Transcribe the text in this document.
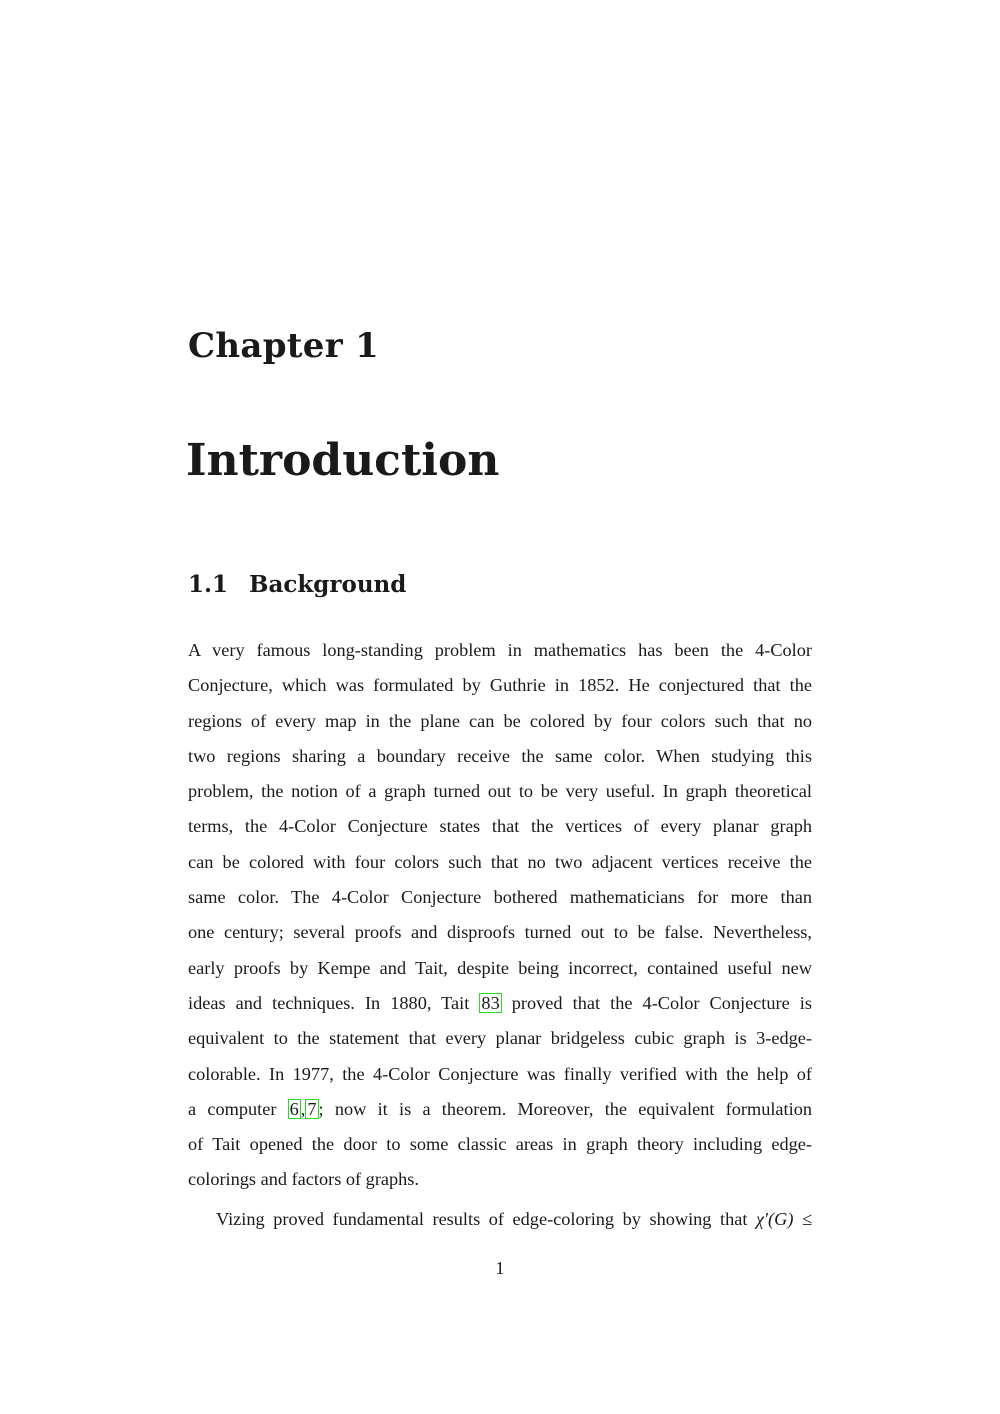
Chapter 1
Introduction
1.1 Background
A very famous long-standing problem in mathematics has been the 4-Color
Conjecture, which was formulated by Guthrie in 1852. He conjectured that the
regions of every map in the plane can be colored by four colors such that no
two regions sharing a boundary receive the same color. When studying this
problem, the notion of a graph turned out to be very useful. In graph theoretical
terms, the 4-Color Conjecture states that the vertices of every planar graph
can be colored with four colors such that no two adjacent vertices receive the
same color. The 4-Color Conjecture bothered mathematicians for more than
one century; several proofs and disproofs turned out to be false. Nevertheless,
early proofs by Kempe and Tait, despite being incorrect, contained useful new
ideas and techniques. In 1880, Tait 83 proved that the 4-Color Conjecture is
equivalent to the statement that every planar bridgeless cubic graph is 3-edge-
colorable. In 1977, the 4-Color Conjecture was finally verified with the help of
a computer 6 , 7 ; now it is a theorem. Moreover, the equivalent formulation
of Tait opened the door to some classic areas in graph theory including edge-
colorings and factors of graphs.
Vizing proved fundamental results of edge-coloring by showing that χ′(G) ≤
1
